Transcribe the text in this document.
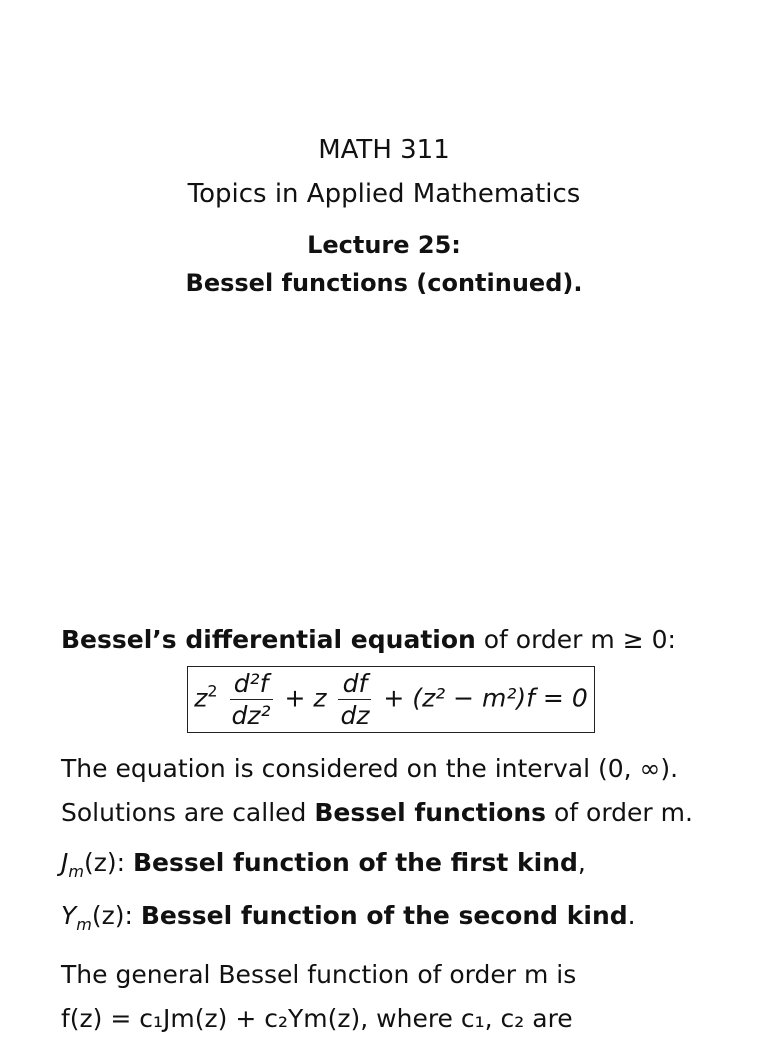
MATH 311
Topics in Applied Mathematics
Lecture 25:
Bessel functions (continued).

Bessel’s differential equation of order m ≥ 0:

$z^2 \frac{\text{d²f}}{\text{dz²}} + z \frac{df}{dz} + (z^2 - m^2)f = 0$

The equation is considered on the interval (0, ∞).

Solutions are called Bessel functions of order m.

$J_m(z)$: Bessel function of the first kind,

$Y_m(z)$: Bessel function of the second kind.

The general Bessel function of order m is

f(z) = c₁Jm(z) + c₂Ym(z), where c₁, c₂ are
